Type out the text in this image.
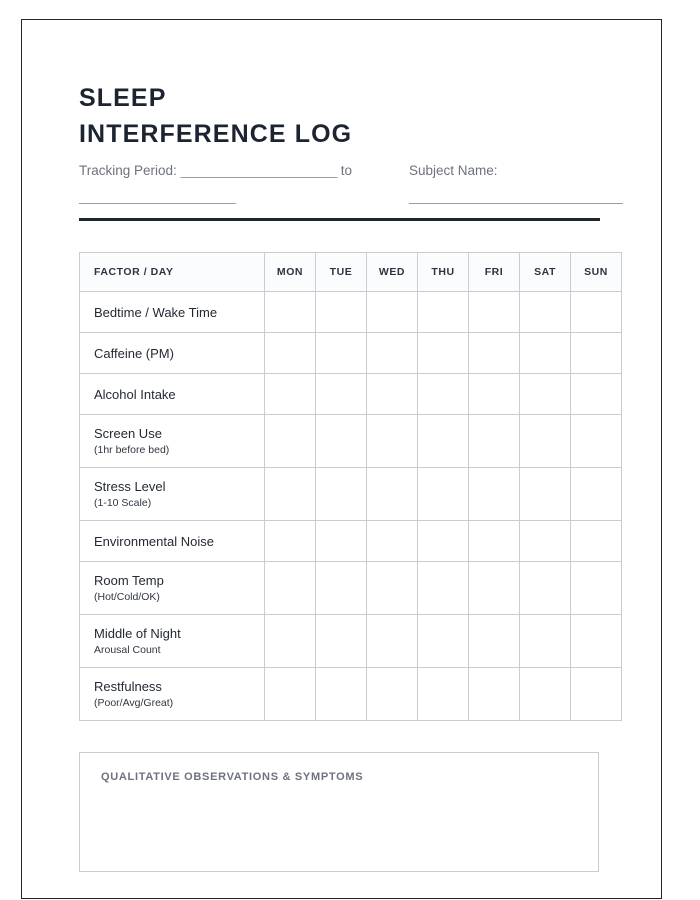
SLEEP INTERFERENCE LOG
Tracking Period: ______________________ to ______________________
Subject Name: ______________________________
FACTOR / DAY	MON	TUE	WED	THU	FRI	SAT	SUN

Bedtime / Wake Time							

Caffeine (PM)							

Alcohol Intake							

Screen Use
(1hr before bed)							

Stress Level
(1-10 Scale)							

Environmental Noise							

Room Temp
(Hot/Cold/OK)							

Middle of Night
Arousal Count							

Restfulness
(Poor/Avg/Great)							

QUALITATIVE OBSERVATIONS & SYMPTOMS
